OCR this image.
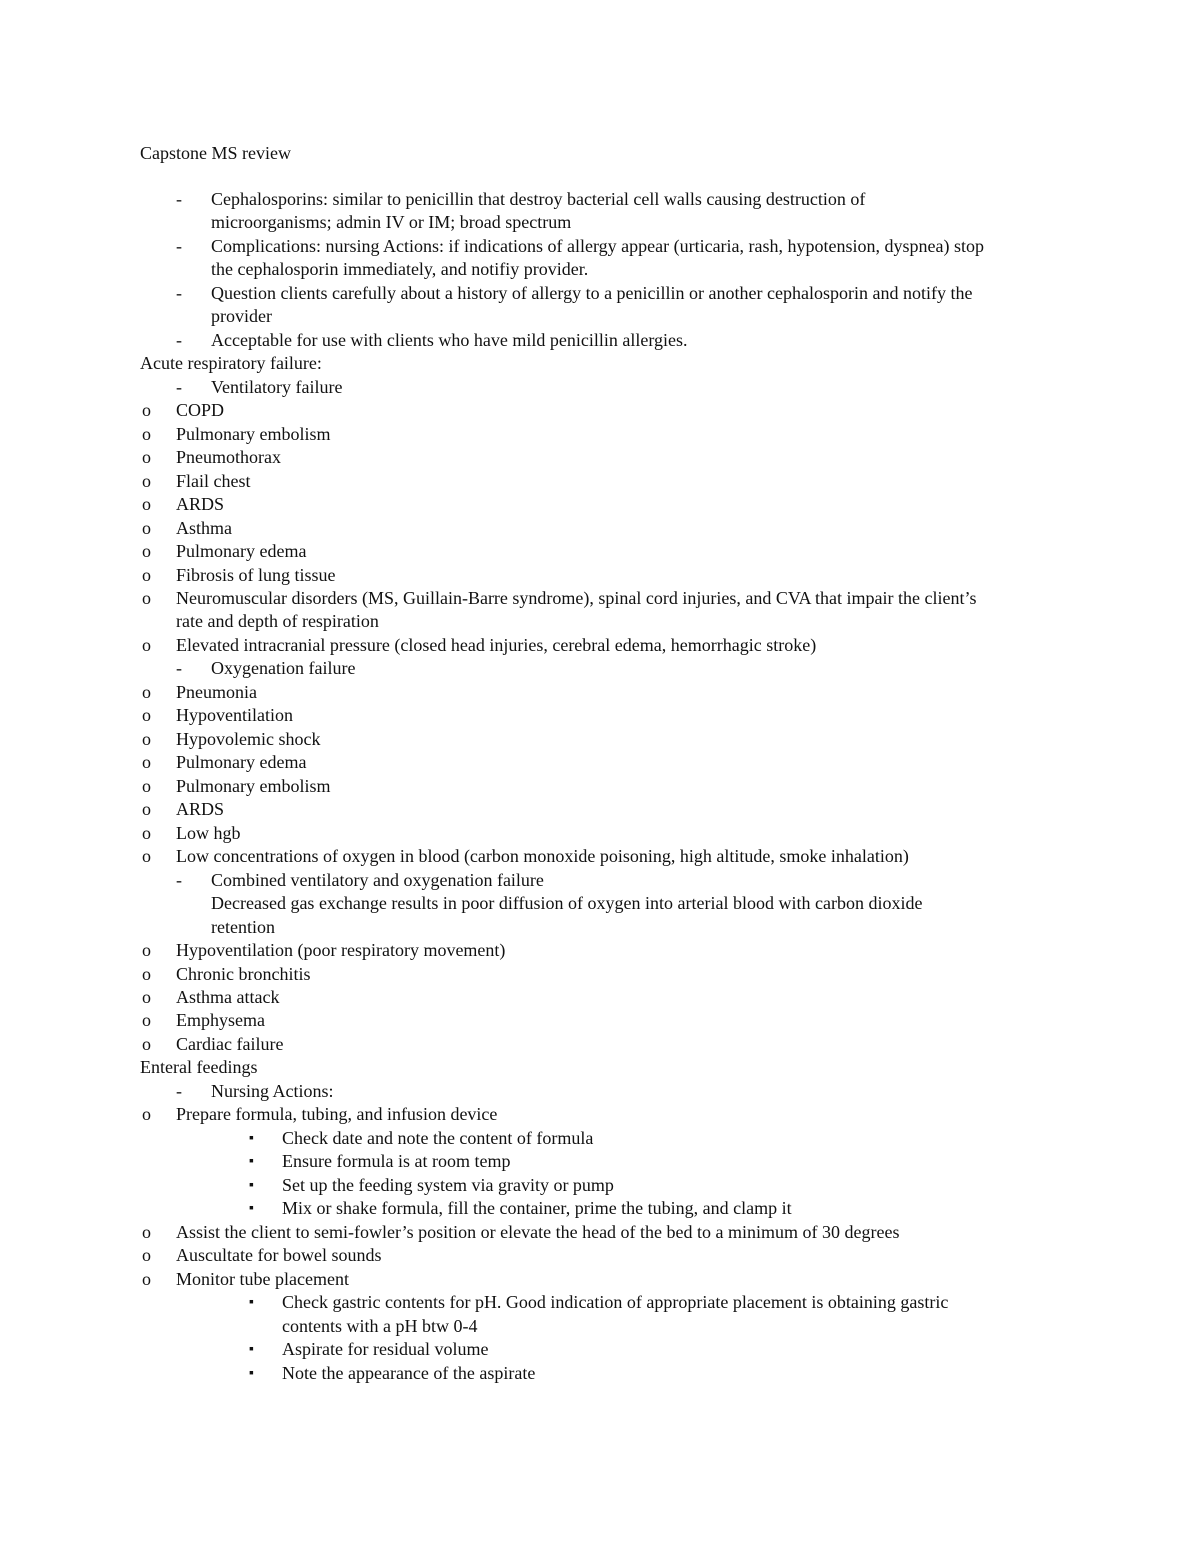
Capstone MS review
- Cephalosporins: similar to penicillin that destroy bacterial cell walls causing destruction of
microorganisms; admin IV or IM; broad spectrum
- Complications: nursing Actions: if indications of allergy appear (urticaria, rash, hypotension, dyspnea) stop
the cephalosporin immediately, and notifiy provider.
- Question clients carefully about a history of allergy to a penicillin or another cephalosporin and notify the
provider
- Acceptable for use with clients who have mild penicillin allergies.
Acute respiratory failure:
- Ventilatory failure
o COPD
o Pulmonary embolism
o Pneumothorax
o Flail chest
o ARDS
o Asthma
o Pulmonary edema
o Fibrosis of lung tissue
o Neuromuscular disorders (MS, Guillain-Barre syndrome), spinal cord injuries, and CVA that impair the client’s
rate and depth of respiration
o Elevated intracranial pressure (closed head injuries, cerebral edema, hemorrhagic stroke)
- Oxygenation failure
o Pneumonia
o Hypoventilation
o Hypovolemic shock
o Pulmonary edema
o Pulmonary embolism
o ARDS
o Low hgb
o Low concentrations of oxygen in blood (carbon monoxide poisoning, high altitude, smoke inhalation)
- Combined ventilatory and oxygenation failure
Decreased gas exchange results in poor diffusion of oxygen into arterial blood with carbon dioxide
retention
o Hypoventilation (poor respiratory movement)
o Chronic bronchitis
o Asthma attack
o Emphysema
o Cardiac failure
Enteral feedings
- Nursing Actions:
o Prepare formula, tubing, and infusion device
▪ Check date and note the content of formula
▪ Ensure formula is at room temp
▪ Set up the feeding system via gravity or pump
▪ Mix or shake formula, fill the container, prime the tubing, and clamp it
o Assist the client to semi-fowler’s position or elevate the head of the bed to a minimum of 30 degrees
o Auscultate for bowel sounds
o Monitor tube placement
▪ Check gastric contents for pH. Good indication of appropriate placement is obtaining gastric
contents with a pH btw 0-4
▪ Aspirate for residual volume
▪ Note the appearance of the aspirate
